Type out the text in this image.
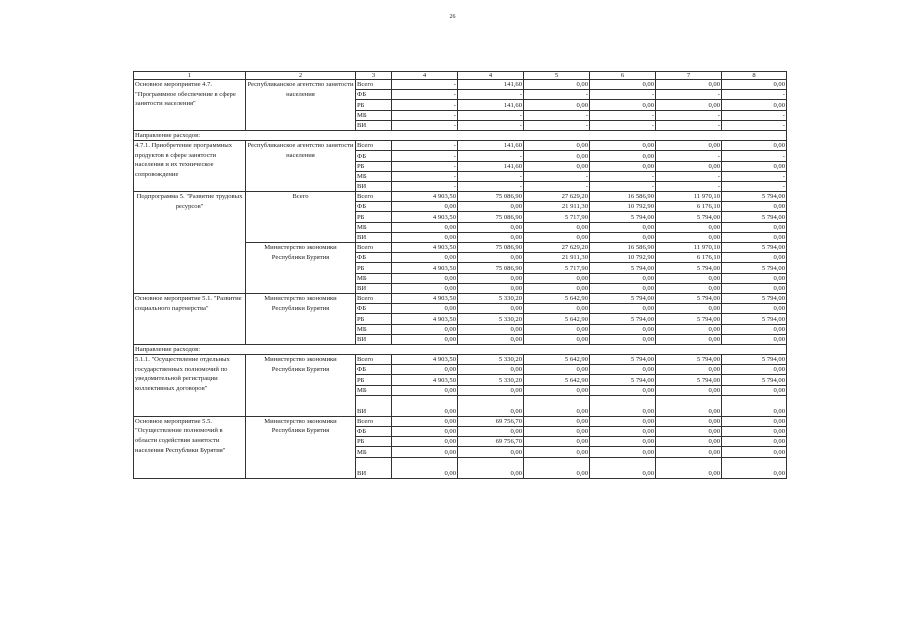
26
1	2	3	4	4	5	6	7	8
Основное мероприятие 4.7. "Программное обеспечение в сфере занятости населения"	Республиканское агентство занятости населения	Всего	-	141,60	0,00	0,00	0,00	0,00
		ФБ	-	-	-	-	-	-
		РБ	-	141,60	0,00	0,00	0,00	0,00
		МБ	-	-	-	-	-	-
		ВИ	-	-	-	-	-	-
Направление расходов:								
4.7.1. Приобретение программных продуктов в сфере занятости населения и их техническое сопровождение	Республиканское агентство занятости населения	Всего	-	141,60	0,00	0,00	0,00	0,00
		ФБ	-	-	0,00	0,00	-	-
		РБ	-	141,60	0,00	0,00	0,00	0,00
		МБ	-	-	-	-	-	-
		ВИ	-	-	-	-	-	-
Подпрограмма 5. "Развитие трудовых ресурсов"	Всего	Всего	4 903,50	75 086,90	27 629,20	16 586,90	11 970,10	5 794,00
		ФБ	0,00	0,00	21 911,30	10 792,90	6 176,10	0,00
		РБ	4 903,50	75 086,90	5 717,90	5 794,00	5 794,00	5 794,00
		МБ	0,00	0,00	0,00	0,00	0,00	0,00
		ВИ	0,00	0,00	0,00	0,00	0,00	0,00
	Министерство экономики Республики Бурятия	Всего	4 903,50	75 086,90	27 629,20	16 586,90	11 970,10	5 794,00
		ФБ	0,00	0,00	21 911,30	10 792,90	6 176,10	0,00
		РБ	4 903,50	75 086,90	5 717,90	5 794,00	5 794,00	5 794,00
		МБ	0,00	0,00	0,00	0,00	0,00	0,00
		ВИ	0,00	0,00	0,00	0,00	0,00	0,00
Основное мероприятие 5.1. "Развитие социального партнерства"	Министерство экономики Республики Бурятия	Всего	4 903,50	5 330,20	5 642,90	5 794,00	5 794,00	5 794,00
		ФБ	0,00	0,00	0,00	0,00	0,00	0,00
		РБ	4 903,50	5 330,20	5 642,90	5 794,00	5 794,00	5 794,00
		МБ	0,00	0,00	0,00	0,00	0,00	0,00
		ВИ	0,00	0,00	0,00	0,00	0,00	0,00
Направление расходов:								
5.1.1. "Осуществление отдельных государственных полномочий по уведомительной регистрации коллективных договоров"	Министерство экономики Республики Бурятия	Всего	4 903,50	5 330,20	5 642,90	5 794,00	5 794,00	5 794,00
		ФБ	0,00	0,00	0,00	0,00	0,00	0,00
		РБ	4 903,50	5 330,20	5 642,90	5 794,00	5 794,00	5 794,00
		МБ	0,00	0,00	0,00	0,00	0,00	0,00
		ВИ	0,00	0,00	0,00	0,00	0,00	0,00
Основное мероприятие 5.5. "Осуществление полномочий в области содействия занятости населения Республики Бурятия"	Министерство экономики Республики Бурятия	Всего	0,00	69 756,70	0,00	0,00	0,00	0,00
		ФБ	0,00	0,00	0,00	0,00	0,00	0,00
		РБ	0,00	69 756,70	0,00	0,00	0,00	0,00
		МБ	0,00	0,00	0,00	0,00	0,00	0,00
		ВИ	0,00	0,00	0,00	0,00	0,00	0,00
